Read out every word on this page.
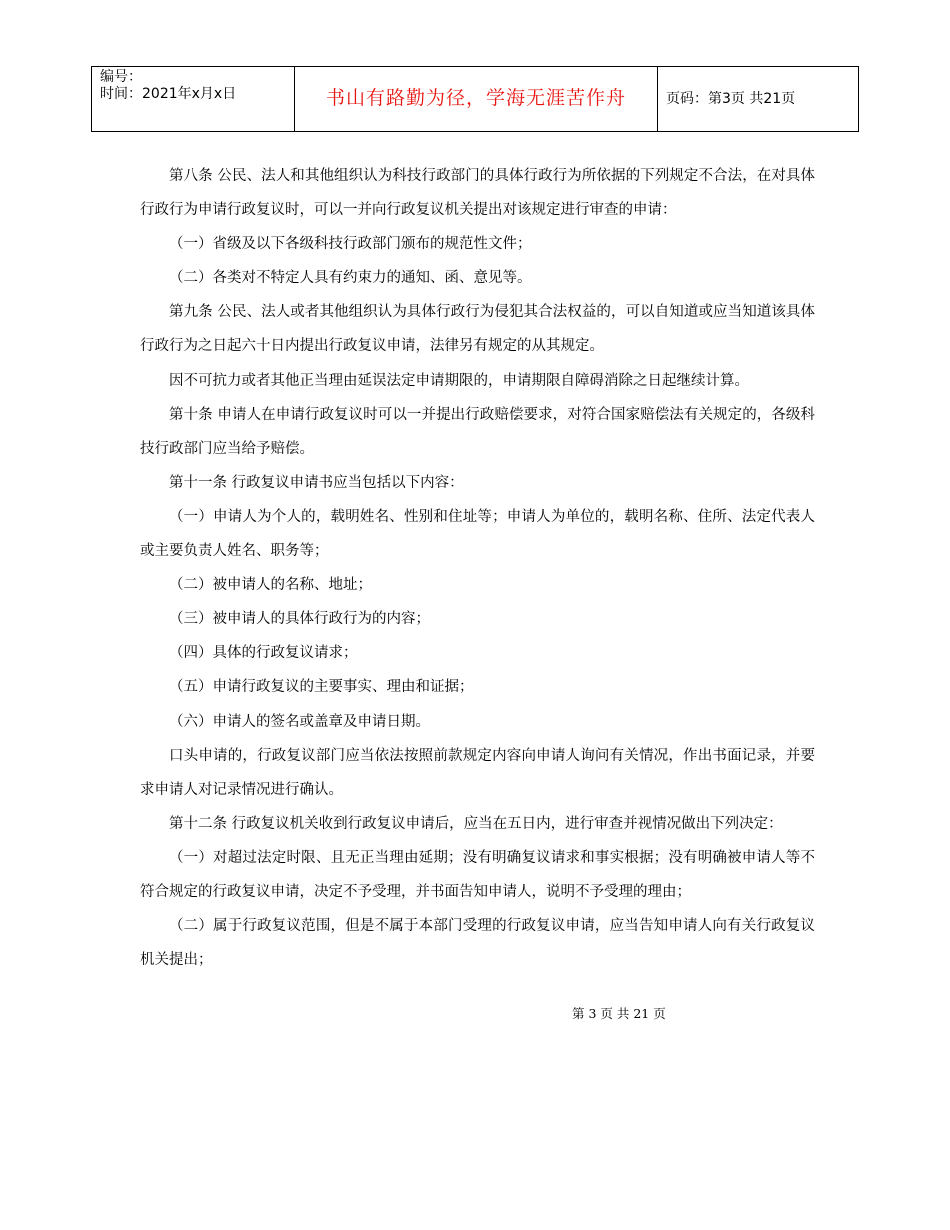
编号：
时间：2021年x月x日	书山有路勤为径，学海无涯苦作舟	页码：第3页 共21页

第八条 公民、法人和其他组织认为科技行政部门的具体行政行为所依据的下列规定不合法，在对具体行政行为申请行政复议时，可以一并向行政复议机关提出对该规定进行审查的申请：

（一）省级及以下各级科技行政部门颁布的规范性文件；

（二）各类对不特定人具有约束力的通知、函、意见等。

第九条 公民、法人或者其他组织认为具体行政行为侵犯其合法权益的，可以自知道或应当知道该具体行政行为之日起六十日内提出行政复议申请，法律另有规定的从其规定。

因不可抗力或者其他正当理由延误法定申请期限的，申请期限自障碍消除之日起继续计算。

第十条 申请人在申请行政复议时可以一并提出行政赔偿要求，对符合国家赔偿法有关规定的，各级科技行政部门应当给予赔偿。

第十一条 行政复议申请书应当包括以下内容：

（一）申请人为个人的，载明姓名、性别和住址等；申请人为单位的，载明名称、住所、法定代表人或主要负责人姓名、职务等；

（二）被申请人的名称、地址；

（三）被申请人的具体行政行为的内容；

（四）具体的行政复议请求；

（五）申请行政复议的主要事实、理由和证据；

（六）申请人的签名或盖章及申请日期。

口头申请的，行政复议部门应当依法按照前款规定内容向申请人询问有关情况，作出书面记录，并要求申请人对记录情况进行确认。

第十二条 行政复议机关收到行政复议申请后，应当在五日内，进行审查并视情况做出下列决定：

（一）对超过法定时限、且无正当理由延期；没有明确复议请求和事实根据；没有明确被申请人等不符合规定的行政复议申请，决定不予受理，并书面告知申请人，说明不予受理的理由；

（二）属于行政复议范围，但是不属于本部门受理的行政复议申请，应当告知申请人向有关行政复议机关提出；

第 3 页 共 21 页
